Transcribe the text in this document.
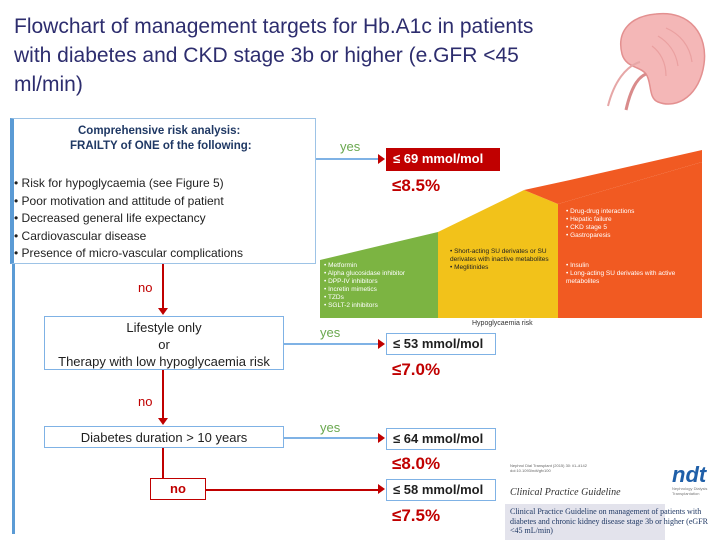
Flowchart of management targets for Hb.A1c in patients with diabetes and CKD stage 3b or higher (e.GFR <45 ml/min)
Comprehensive risk analysis:
FRAILTY of ONE of the following:
• Risk for hypoglycaemia (see Figure 5)
• Poor motivation and attitude of patient
• Decreased general life expectancy
• Cardiovascular disease
• Presence of micro-vascular complications
yes
no
Lifestyle only
or
Therapy with low hypoglycaemia risk
yes
no
Diabetes duration > 10 years
yes
no
≤ 69 mmol/mol
≤8.5%
≤ 53 mmol/mol
≤7.0%
≤ 64 mmol/mol
≤8.0%
≤ 58 mmol/mol
≤7.5%
• Metformin
• Alpha glucosidase inhibitor
• DPP-IV inhibitors
• Incretin mimetics
• TZDs
• SGLT-2 inhibitors
• Short-acting SU derivates or SU derivates with inactive metabolites
• Meglitinides
• Drug-drug interactions
• Hepatic failure
• CKD stage 5
• Gastroparesis
• Insulin
• Long-acting SU derivates with active metabolites
Hypoglycaemia risk
Nephrol Dial Transplant (2015) 30: ii1–ii142 doi:10.1093/ndt/gfv100
Clinical Practice Guideline
Clinical Practice Guideline on management of patients with diabetes and chronic kidney disease stage 3b or higher (eGFR <45 mL/min)
ndt
Nephrology Dialysis Transplantation
